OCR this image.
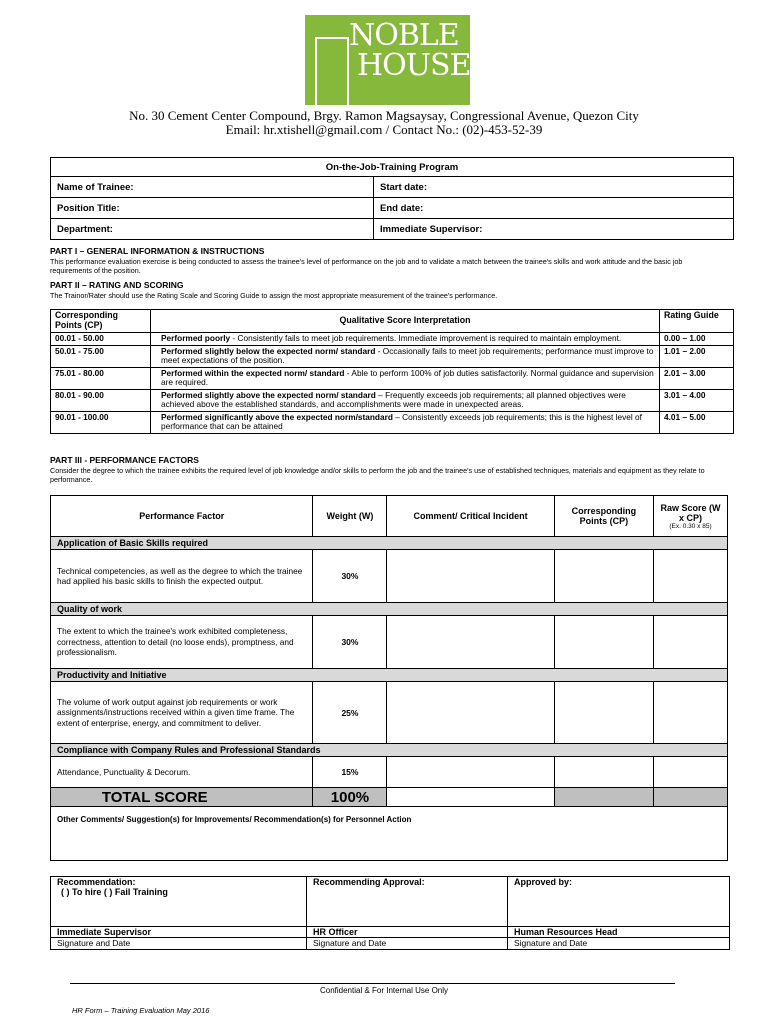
NOBLE
HOUSE
No. 30 Cement Center Compound, Brgy. Ramon Magsaysay, Congressional Avenue, Quezon City
Email: hr.xtishell@gmail.com / Contact No.: (02)-453-52-39
On-the-Job-Training Program	
Name of Trainee:	Start date:
Position Title:	End date:
Department:	Immediate Supervisor:
PART I – GENERAL INFORMATION & INSTRUCTIONS
This performance evaluation exercise is being conducted to assess the trainee's level of performance on the job and to validate a match between the trainee's skills and work attitude and the basic job requirements of the position.
PART II – RATING AND SCORING
The Trainor/Rater should use the Rating Scale and Scoring Guide to assign the most appropriate measurement of the trainee's performance.
Corresponding Points (CP)	Qualitative Score Interpretation	Rating Guide
00.01 - 50.00	Performed poorly - Consistently fails to meet job requirements. Immediate improvement is required to maintain employment.	0.00 – 1.00
50.01 - 75.00	Performed slightly below the expected norm/ standard - Occasionally fails to meet job requirements; performance must improve to meet expectations of the position.	1.01 – 2.00
75.01 - 80.00	Performed within the expected norm/ standard - Able to perform 100% of job duties satisfactorily. Normal guidance and supervision are required.	2.01 – 3.00
80.01 - 90.00	Performed slightly above the expected norm/ standard – Frequently exceeds job requirements; all planned objectives were achieved above the established standards, and accomplishments were made in unexpected areas.	3.01 – 4.00
90.01 - 100.00	Performed significantly above the expected norm/standard – Consistently exceeds job requirements; this is the highest level of performance that can be attained	4.01 – 5.00
PART III - PERFORMANCE FACTORS
Consider the degree to which the trainee exhibits the required level of job knowledge and/or skills to perform the job and the trainee's use of established techniques, materials and equipment as they relate to performance.
Performance Factor	Weight (W)	Comment/ Critical Incident	Corresponding Points (CP)	Raw Score (W x CP)
(Ex. 0.30 x 85)

Application of Basic Skills required				
Technical competencies, as well as the degree to which the trainee had applied his basic skills to finish the expected output.	30%			
Quality of work				
The extent to which the trainee's work exhibited completeness, correctness, attention to detail (no loose ends), promptness, and professionalism.	30%			
Productivity and Initiative				
The volume of work output against job requirements or work assignments/instructions received within a given time frame. The extent of enterprise, energy, and commitment to deliver.	25%			
Compliance with Company Rules and Professional Standards				
Attendance, Punctuality & Decorum.	15%			
TOTAL SCORE	100%			
Other Comments/ Suggestion(s) for Improvements/ Recommendation(s) for Personnel Action				
Recommendation:
( ) To hire ( ) Fail Training	Recommending Approval:	Approved by:
Immediate Supervisor	HR Officer	Human Resources Head
Signature and Date	Signature and Date	Signature and Date
Confidential & For Internal Use Only
HR Form – Training Evaluation May 2016
